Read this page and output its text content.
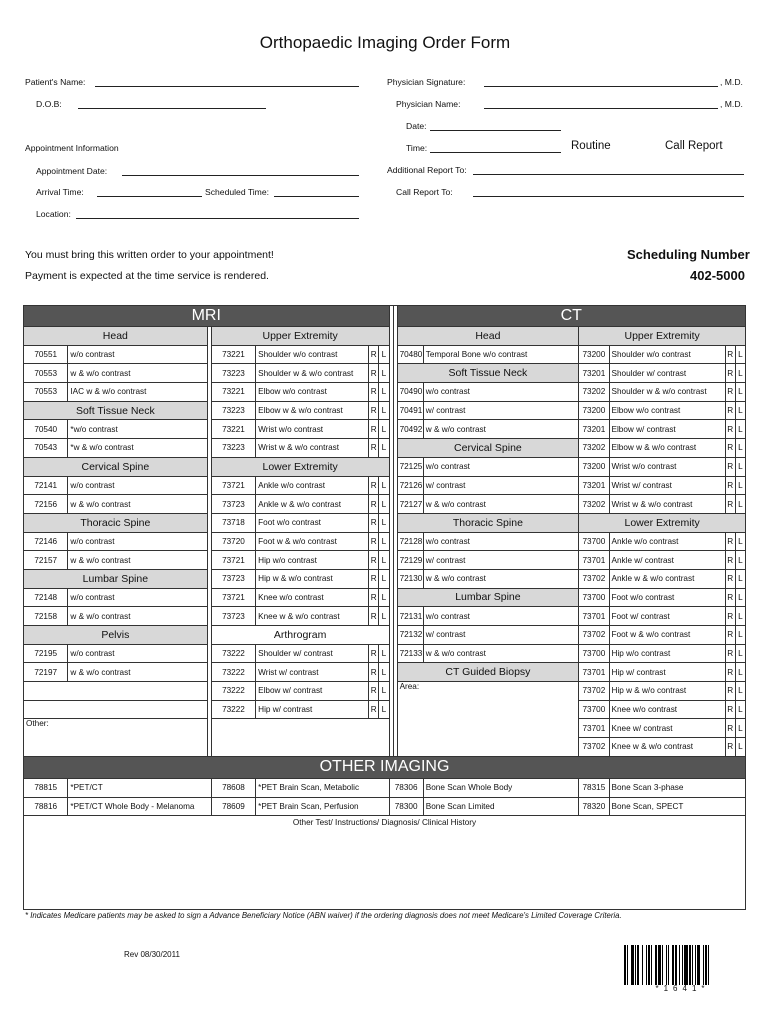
Orthopaedic Imaging Order Form
Patient's Name:
D.O.B:
Appointment Information
Appointment Date:
Arrival Time:	Scheduled Time:
Location:
Physician Signature:	, M.D.
Physician Name:	, M.D.
Date:
Time:	Routine	Call Report
Additional Report To:
Call Report To:
You must bring this written order to your appointment!
Payment is expected at the time service is rendered.
Scheduling Number
402-5000
MRI									CT					
Head			Upper Extremity						Head		Upper Extremity			
70551	w/o contrast		73221	Shoulder w/o contrast	R	L			70480	Temporal Bone w/o contrast	73200	Shoulder w/o contrast	R	L
70553	w & w/o contrast		73223	Shoulder w & w/o contrast	R	L			Soft Tissue Neck		73201	Shoulder w/ contrast	R	L
70553	IAC w & w/o contrast		73221	Elbow w/o contrast	R	L			70490	w/o contrast	73202	Shoulder w & w/o contrast	R	L
Soft Tissue Neck			73223	Elbow w & w/o contrast	R	L			70491	w/ contrast	73200	Elbow w/o contrast	R	L
70540	*w/o contrast		73221	Wrist w/o contrast	R	L			70492	w & w/o contrast	73201	Elbow w/ contrast	R	L
70543	*w & w/o contrast		73223	Wrist w & w/o contrast	R	L			Cervical Spine		73202	Elbow w & w/o contrast	R	L
Cervical Spine			Lower Extremity						72125	w/o contrast	73200	Wrist w/o contrast	R	L
72141	w/o contrast		73721	Ankle w/o contrast	R	L			72126	w/ contrast	73201	Wrist w/ contrast	R	L
72156	w & w/o contrast		73723	Ankle w & w/o contrast	R	L			72127	w & w/o contrast	73202	Wrist w & w/o contrast	R	L
Thoracic Spine			73718	Foot w/o contrast	R	L			Thoracic Spine		Lower Extremity			
72146	w/o contrast		73720	Foot w & w/o contrast	R	L			72128	w/o contrast	73700	Ankle w/o contrast	R	L
72157	w & w/o contrast		73721	Hip w/o contrast	R	L			72129	w/ contrast	73701	Ankle w/ contrast	R	L
Lumbar Spine			73723	Hip w & w/o contrast	R	L			72130	w & w/o contrast	73702	Ankle w & w/o contrast	R	L
72148	w/o contrast		73721	Knee w/o contrast	R	L			Lumbar Spine		73700	Foot w/o contrast	R	L
72158	w & w/o contrast		73723	Knee w & w/o contrast	R	L			72131	w/o contrast	73701	Foot w/ contrast	R	L
Pelvis			Arthrogram						72132	w/ contrast	73702	Foot w & w/o contrast	R	L
72195	w/o contrast		73222	Shoulder w/ contrast	R	L			72133	w & w/o contrast	73700	Hip w/o contrast	R	L
72197	w & w/o contrast		73222	Wrist w/ contrast	R	L			CT Guided Biopsy		73701	Hip w/ contrast	R	L
			73222	Elbow w/ contrast	R	L			Area:		73702	Hip w & w/o contrast	R	L
			73222	Hip w/ contrast	R	L					73700	Knee w/o contrast	R	L
Other:											73701	Knee w/ contrast	R	L
											73702	Knee w & w/o contrast	R	L
OTHER IMAGING														
78815	*PET/CT		78608	*PET Brain Scan, Metabolic			78306			Bone Scan Whole Body	78315	Bone Scan 3-phase		
78816	*PET/CT Whole Body - Melanoma		78609	*PET Brain Scan, Perfusion			78300			Bone Scan Limited	78320	Bone Scan, SPECT		
Other Test/ Instructions/ Diagnosis/ Clinical History
* Indicates Medicare patients may be asked to sign a Advance Beneficiary Notice (ABN waiver) if the ordering diagnosis does not meet Medicare's Limited Coverage Criteria.
Rev 08/30/2011
*1641*
